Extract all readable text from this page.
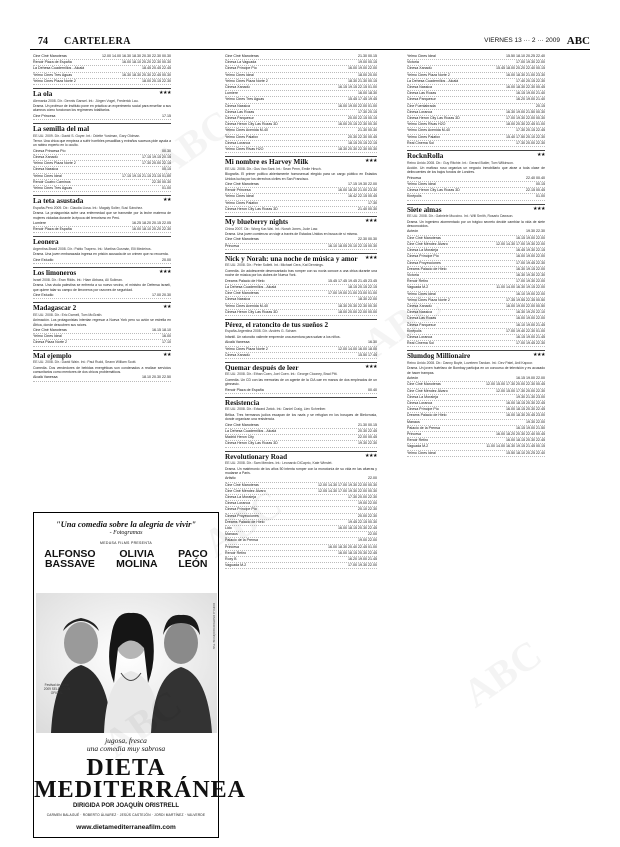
74 CARTELERA	VIERNES 13 ··· 2 ··· 2009 ABC
Cine Ciné Manoteras	12.00 14.00 16.30 18.30 20.30 22.30 00.30
Renoir Plaza de España	16.00 18.10 20.20 22.30 00.30
La Dehesa Cuadernillos - Alcalá	18.45 20.45 22.45
Yelmo Cines Tres Aguas	16.30 18.30 20.30 22.45 00.30
Yelmo Cines Plaza Norte 2	18.00 20.15 22.30
La ola	★★★
Alemania 2008. Dir.: Dennis Gansel. Int.: Jürgen Vogel, Frederick Lau.
Drama. Un profesor de instituto pone en práctica un experimento social para enseñar a sus alumnos cómo funcionan los regímenes totalitarios.
Cine Princesa	17.15
La semilla del mal
EE.UU. 2009. Dir.: David S. Goyer. Int.: Odette Yustman, Gary Oldman.
Terror. Una chica que empieza a sufrir horribles pesadillas y extraños sucesos pide ayuda a un rabino experto en lo oculto.
Cinesa Princesa Pío	00.30
Cinesa Xanadú	17.15 19.15 20.15
Yelmo Cines Plaza Norte 2	17.30 20.00 22.15
Cinesa Nassica	00.15
Yelmo Cines Ideal	17.15 19.15 21.15 23.15 01.00
Renoir Cuatro Caminos	22.30 00.30
Yelmo Cines Tres Aguas	01.00
La teta asustada	★★
España-Perú 2009. Dir.: Claudia Llosa. Int.: Magaly Solier, Susi Sánchez.
Drama. La protagonista sufre una enfermedad que se transmite por la leche materna de mujeres violadas durante la época del terrorismo en Perú.
Lumiere	16.25 18.20 20.15 22.05
Renoir Plaza de España	16.00 18.10 20.20 22.30
Leonera
Argentina-Brasil 2008. Dir.: Pablo Trapero. Int.: Martina Gusmán, Elli Medeiros.
Drama. Una joven embarazada ingresa en prisión acusada de un crimen que no recuerda.
Cine Estudio	20.00
Los limoneros	★★★
Israel 2008. Dir.: Eran Riklis. Int.: Hiam Abbass, Ali Suliman.
Drama. Una viuda palestina se enfrenta a su nuevo vecino, el ministro de Defensa israelí, que quiere talar su campo de limoneros por razones de seguridad.
Cine Estudio	17.00 20.30
Madagascar 2	★★
EE.UU. 2008. Dir.: Eric Darnell, Tom McGrath.
Animación. Los protagonistas intentan regresar a Nueva York pero su avión se estrella en África, donde descubren sus raíces.
Cine Ciné Manoteras	16.15 18.10
Yelmo Cines Ideal	16.00
Cinesa Plaza Norte 2	17.10
Mal ejemplo	★★
EE.UU. 2008. Dir.: David Wain. Int.: Paul Rudd, Seann William Scott.
Comedia. Dos vendedores de bebidas energéticas son condenados a realizar servicios comunitarios como mentores de dos chicos problemáticos.
Alcalá Vanessa	18.10 20.30 22.50
Cine Ciné Manoteras	21.30 00.15
Cinesa La Vaguada	19.00 00.15
Cinesa Príncipe Pío	16.00 19.00 22.00
Yelmo Cines Ideal	18.00 20.00
Yelmo Cines Plaza Norte 2	18.30 21.30 00.15
Cinesa Xanadú	16.15 19.15 22.15 01.00
Lumiere	16.00 18.30
Yelmo Cines Tres Aguas	15.45 17.45 19.45
Cinesa Nassica	16.00 19.00 22.00 01.00
Cinesa Las Rozas	17.30 20.15
Cinesa Parquesur	20.00 22.15 00.15
Cinesa Heron City Las Rozas 3D	16.00 20.15 22.30 00.30
Yelmo Cines Avenida M-40	21.30 00.30
Yelmo Cines Palafox	20.30 22.30 00.45
Cinesa Loranca	18.15 20.15 22.15
Yelmo Cines Rivas H2O	18.30 20.30 22.30 00.30
Mi nombre es Harvey Milk	★★★
EE.UU. 2008. Dir.: Gus Van Sant. Int.: Sean Penn, Emile Hirsch.
Biografía. El primer político abiertamente homosexual elegido para un cargo público en Estados Unidos lucha por los derechos civiles en San Francisco.
Cine Ciné Manoteras	17.15 19.30 22.00
Renoir Princesa	16.00 18.30 21.00 23.30
Yelmo Cines Ideal	16.42 22.15 00.45
Yelmo Cines Palafox	17.30
Cinesa Heron City Las Rozas 3D	21.40 00.30
My blueberry nights	★★★
China 2007. Dir.: Wong Kar-Wai. Int.: Norah Jones, Jude Law.
Drama. Una joven comienza un viaje a través de Estados Unidos en busca de sí misma.
Cine Ciné Manoteras	22.30 00.30
Princesa	16.10 18.05 20.10 22.15 00.30
Nick y Norah: una noche de música y amor ★★★
EE.UU. 2008. Dir.: Peter Sollett. Int.: Michael Cera, Kat Dennings.
Comedia. Un adolescente desencantado tras romper con su novia conoce a una chica durante una noche de música por los clubes de Nueva York.
Dreams Palacio de Hielo	15.45 17.45 19.45 21.45 23.45
La Dehesa Cuadernillos - Alcalá	18.15 20.15 22.15
Cine Ciné Manoteras	17.00 19.00 21.00 23.00 01.00
Cinesa Nassica	18.30 22.00
Yelmo Cines Avenida M-40	18.30 20.30 22.30 00.30
Cinesa Heron City Las Rozas 3D	18.00 20.00 22.00 00.00
Pérez, el ratoncito de tus sueños 2
España-Argentina 2008. Dir.: Andrés G. Schaer.
Infantil. Un ratoncito valiente emprende una aventura para salvar a los niños.
Alcalá Vanessa	16.30
Yelmo Cines Plaza Norte 2	12.00 14.00 16.00 18.00
Cinesa Xanadú	15.50 17.45
Quemar después de leer	★★★
EE.UU. 2008. Dir.: Ethan Coen, Joel Coen. Int.: George Clooney, Brad Pitt.
Comedia. Un CD con las memorias de un agente de la CIA cae en manos de dos empleados de un gimnasio.
Renoir Plaza de España	00.40
Resistencia
EE.UU. 2008. Dir.: Edward Zwick. Int.: Daniel Craig, Liev Schreiber.
Bélica. Tres hermanos judíos escapan de los nazis y se refugian en los bosques de Bielorrusia, donde organizan una resistencia.
Cine Ciné Manoteras	21.30 00.15
La Dehesa Cuadernillos - Alcalá	20.30 22.45
Madrid Heron City	22.00 00.45
Cinesa Heron City Las Rozas 3D	19.30 22.30
Revolutionary Road	★★★
EE.UU. 2008. Dir.: Sam Mendes. Int.: Leonardo DiCaprio, Kate Winslet.
Drama. Un matrimonio de los años 50 intenta romper con la monotonía de su vida en las afueras y mudarse a París.
Artistic	22.00
Cine Ciné Manoteras	12.00 14.30 17.00 19.30 22.00 00.30
Cine Ciné Méndez Álvaro	12.05 14.30 17.00 19.30 22.00 00.30
Cinesa La Moraleja	17.30 20.00 22.30
Cinesa Loranca	19.00 22.00
Cinesa Príncipe Pío	20.10 22.30
Cinesa Proyecciones	20.00 22.30
Dreams Palacio de Hielo	19.45 22.15 00.30
Lido	16.00 18.15 20.30 22.45
Manaus	22.00
Palacio de la Prensa	19.00 22.00
Princesa	16.00 18.30 20.40 22.45 01.00
Renoir Retiro	16.00 18.15 20.30 22.45
Roxy B	16.20 19.00 21.45
Vaguada M-2	17.00 19.30 22.00
Yelmo Cines Ideal	15.50 18.10 20.25 22.40
Victoria	17.00 19.30 22.00
Cinesa Xanadú	15.45 18.00 20.20 22.40 00.15
Yelmo Cines Plaza Norte 2	16.00 18.30 21.00 23.30
La Dehesa Cuadernillos - Alcalá	17.40 20.15 22.30
Cinesa Nassica	16.00 18.30 22.30 00.45
Cinesa Las Rozas	16.15 19.00 21.40
Cinesa Parquesur	16.20 19.00 21.40
Cine Fuenlabrada	20.15
Cinesa Loranca	16.30 19.00 21.50 00.30
Cinesa Heron City Las Rozas 3D	17.00 19.30 22.00 00.30
Yelmo Cines Rivas H2O	18.00 20.30 22.45 01.00
Yelmo Cines Avenida M-40	17.30 20.15 22.45
Yelmo Cines Palafox	15.40 17.50 20.10 22.30
Real Cinema Sol	17.30 20.00 22.30
RocknRolla	★★
Reino Unido 2008. Dir.: Guy Ritchie. Int.: Gerard Butler, Tom Wilkinson.
Acción. Un mafioso ruso organiza un negocio inmobiliario que atrae a toda clase de delincuentes de los bajos fondos de Londres.
Princesa	22.40 00.40
Yelmo Cines Ideal	00.15
Cinesa Heron City Las Rozas 3D	22.15 00.45
Kinépolis	01.00
Siete almas	★★★
EE.UU. 2008. Dir.: Gabriele Muccino. Int.: Will Smith, Rosario Dawson.
Drama. Un ingeniero atormentado por un trágico secreto decide cambiar la vida de siete desconocidos.
Acteón	19.30 22.30
Cine Ciné Manoteras	16.15 19.00 22.00
Cine Ciné Méndez Álvaro	12.00 14.30 17.00 19.30 22.00
Cinesa La Moraleja	16.45 19.30 22.15
Cinesa Príncipe Pío	16.00 19.00 22.00
Cinesa Proyecciones	17.00 19.45 22.30
Dreams Palacio de Hielo	16.30 19.15 22.00
Victoria	16.30 19.30 22.30
Renoir Retiro	17.00 19.30 22.00
Vaguada M-2	11.00 14.00 16.30 19.15 22.00
Yelmo Cines Ideal	16.10 19.00 22.00
Yelmo Cines Plaza Norte 2	17.35 19.55 22.35 00.50
Cinesa Xanadú	16.00 19.00 22.00 00.50
Cinesa Nassica	16.30 19.20 22.10
Cinesa Las Rozas	16.00 19.00 22.00
Cinesa Parquesur	16.10 19.00 21.45
Kinépolis	17.00 19.40 22.30 01.00
Cinesa Loranca	16.15 19.00 21.45
Real Cinema Sol	17.00 19.45 22.30
Slumdog Millionaire	★★★
Reino Unido 2008. Dir.: Danny Boyle, Loveleen Tandan. Int.: Dev Patel, Anil Kapoor.
Drama. Un joven huérfano de Bombay participa en un concurso de televisión y es acusado de hacer trampas.
Acteón	16.15 19.00 22.00
Cine Ciné Manoteras	12.00 15.00 17.30 20.00 22.30 00.45
Cine Ciné Méndez Álvaro	12.00 15.00 17.30 20.00 22.30
Cinesa La Moraleja	19.30 21.30 23.00
Cinesa Loranca	16.00 18.15 20.30 22.45
Cinesa Príncipe Pío	16.00 18.15 20.30 22.45
Dreams Palacio de Hielo	16.00 18.30 20.45 23.00
Manaus	19.30 22.00
Palacio de la Prensa	16.15 19.00 21.50
Princesa	16.00 18.20 20.30 22.40 00.45
Renoir Retiro	16.00 18.15 20.30 22.45
Vaguada M-2	11.00 14.00 16.30 19.15 21.45 00.15
Yelmo Cines Ideal	15.50 18.10 20.25 22.40
"Una comedia sobre la alegría de vivir"
- Fotogramas
MEDUSA FILMS PRESENTA
ALFONSO
BASSAVE
OLIVIA
MOLINA
PACO
LEÓN
Festival de Berlín 2009 SELECCIÓN OFICIAL
CON LA PARTICIPACIÓN DE TVE
jugosa, fresca
una comedia muy sabrosa
DIETA
MEDITERRÁNEA
DIRIGIDA POR JOAQUÍN ORISTRELL
CARMEN BALAGUÉ · ROBERTO ÁLVAREZ · JESÚS CASTEJÓN · JORDI MARTÍNEZ · VALVERDE
www.dietamediterraneafilm.com
